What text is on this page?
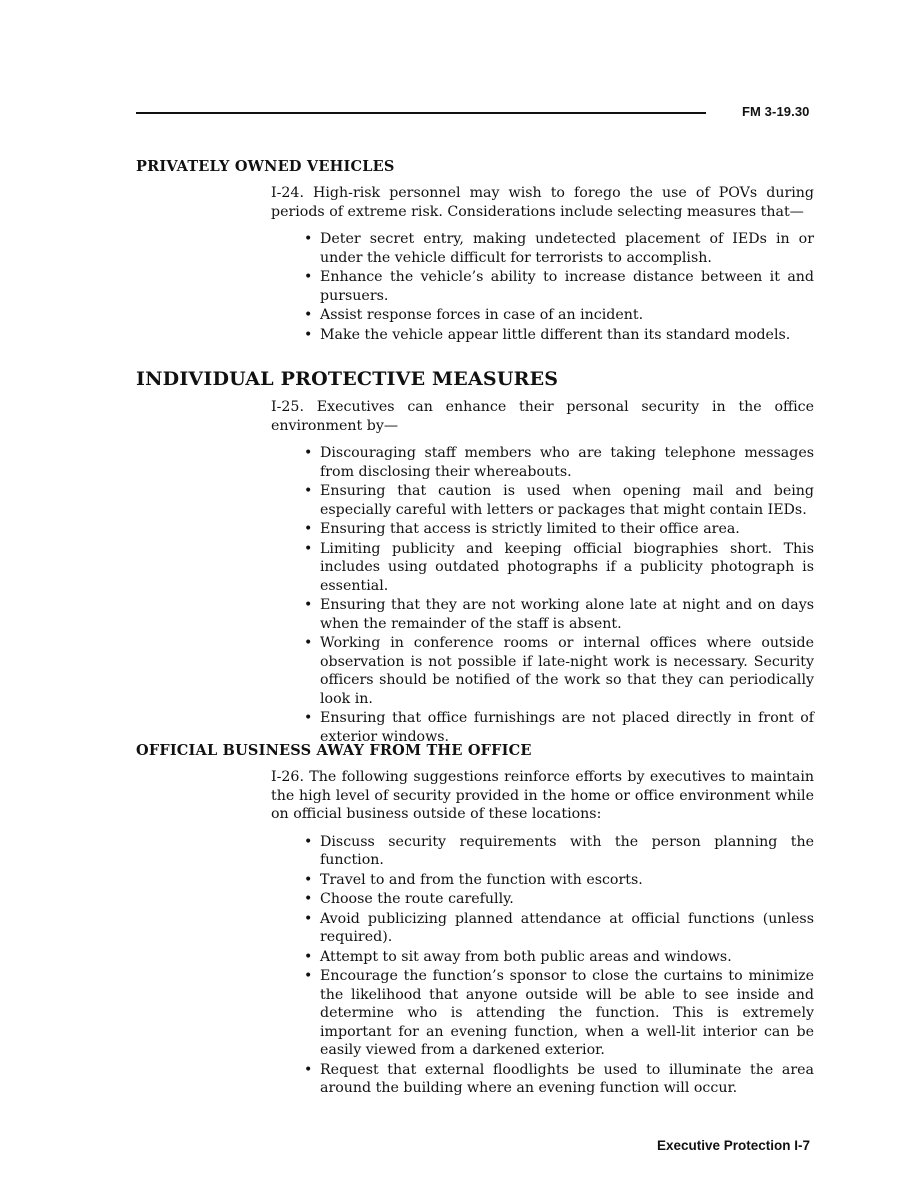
FM 3-19.30
PRIVATELY OWNED VEHICLES

I-24. High-risk personnel may wish to forego the use of POVs during periods of extreme risk. Considerations include selecting measures that—

• Deter secret entry, making undetected placement of IEDs in or under the vehicle difficult for terrorists to accomplish.
• Enhance the vehicle’s ability to increase distance between it and pursuers.
• Assist response forces in case of an incident.
• Make the vehicle appear little different than its standard models.
INDIVIDUAL PROTECTIVE MEASURES

I-25. Executives can enhance their personal security in the office environment by—

• Discouraging staff members who are taking telephone messages from disclosing their whereabouts.
• Ensuring that caution is used when opening mail and being especially careful with letters or packages that might contain IEDs.
• Ensuring that access is strictly limited to their office area.
• Limiting publicity and keeping official biographies short. This includes using outdated photographs if a publicity photograph is essential.
• Ensuring that they are not working alone late at night and on days when the remainder of the staff is absent.
• Working in conference rooms or internal offices where outside observation is not possible if late-night work is necessary. Security officers should be notified of the work so that they can periodically look in.
• Ensuring that office furnishings are not placed directly in front of exterior windows.
OFFICIAL BUSINESS AWAY FROM THE OFFICE

I-26. The following suggestions reinforce efforts by executives to maintain the high level of security provided in the home or office environment while on official business outside of these locations:

• Discuss security requirements with the person planning the function.
• Travel to and from the function with escorts.
• Choose the route carefully.
• Avoid publicizing planned attendance at official functions (unless required).
• Attempt to sit away from both public areas and windows.
• Encourage the function’s sponsor to close the curtains to minimize the likelihood that anyone outside will be able to see inside and determine who is attending the function. This is extremely important for an evening function, when a well-lit interior can be easily viewed from a darkened exterior.
• Request that external floodlights be used to illuminate the area around the building where an evening function will occur.
Executive Protection I-7
